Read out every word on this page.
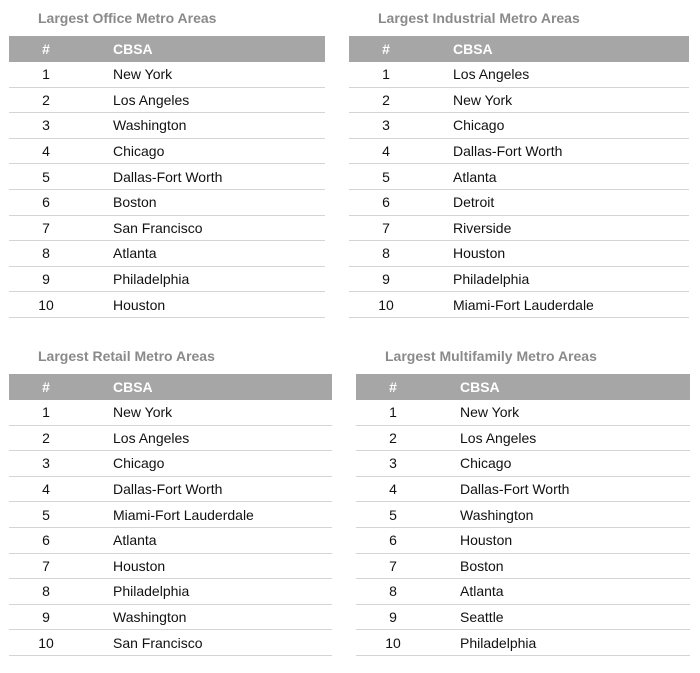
Largest Office Metro Areas
#	CBSA
1	New York
2	Los Angeles
3	Washington
4	Chicago
5	Dallas-Fort Worth
6	Boston
7	San Francisco
8	Atlanta
9	Philadelphia
10	Houston
Largest Industrial Metro Areas
#	CBSA
1	Los Angeles
2	New York
3	Chicago
4	Dallas-Fort Worth
5	Atlanta
6	Detroit
7	Riverside
8	Houston
9	Philadelphia
10	Miami-Fort Lauderdale
Largest Retail Metro Areas
#	CBSA
1	New York
2	Los Angeles
3	Chicago
4	Dallas-Fort Worth
5	Miami-Fort Lauderdale
6	Atlanta
7	Houston
8	Philadelphia
9	Washington
10	San Francisco
Largest Multifamily Metro Areas
#	CBSA
1	New York
2	Los Angeles
3	Chicago
4	Dallas-Fort Worth
5	Washington
6	Houston
7	Boston
8	Atlanta
9	Seattle
10	Philadelphia
